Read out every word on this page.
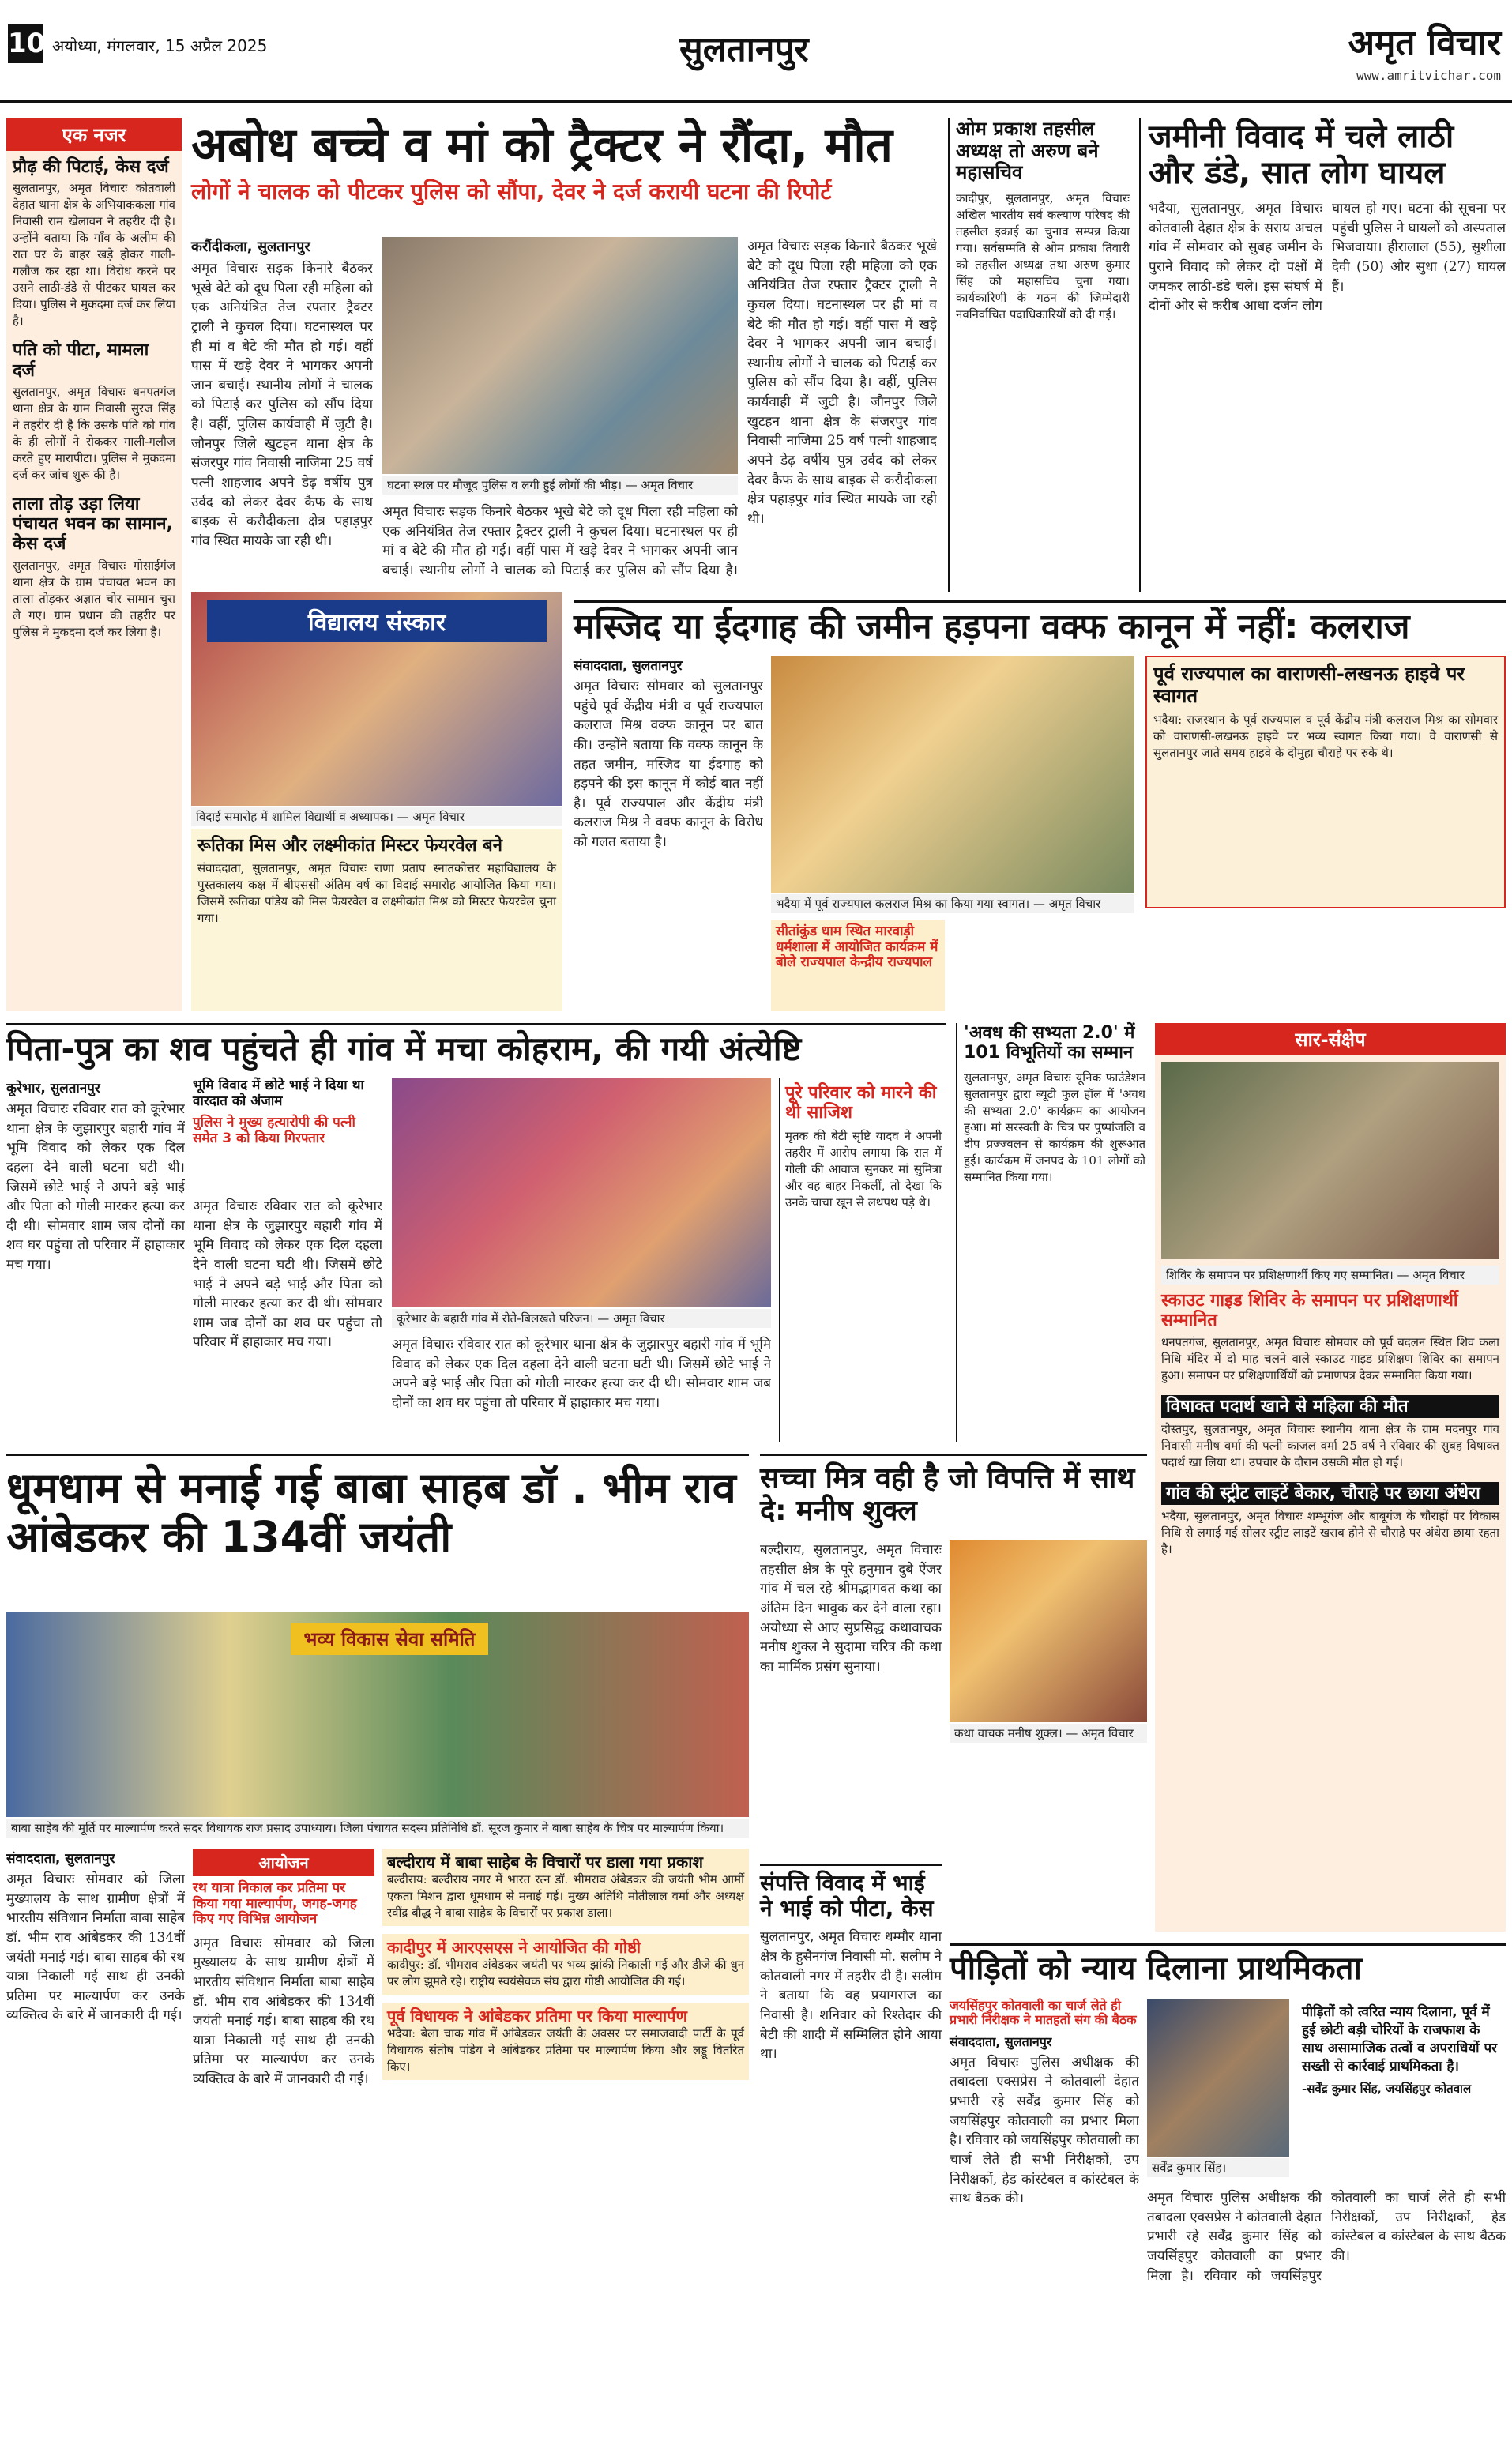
10 अयोध्या, मंगलवार, 15 अप्रैल 2025	सुलतानपुर	अमृत विचार
www.amritvichar.com
एक नजर
प्रौढ़ की पिटाई, केस दर्ज
सुलतानपुर, अमृत विचारः कोतवाली देहात थाना क्षेत्र के अभियाककला गांव निवासी राम खेलावन ने तहरीर दी है। उन्होंने बताया कि गाँव के अलीम की रात घर के बाहर खड़े होकर गाली-गलौज कर रहा था। विरोध करने पर उसने लाठी-डंडे से पीटकर घायल कर दिया। पुलिस ने मुकदमा दर्ज कर लिया है।
पति को पीटा, मामला दर्ज
सुलतानपुर, अमृत विचारः धनपतगंज थाना क्षेत्र के ग्राम निवासी सुरज सिंह ने तहरीर दी है कि उसके पति को गांव के ही लोगों ने रोककर गाली-गलौज करते हुए मारापीटा। पुलिस ने मुकदमा दर्ज कर जांच शुरू की है।
ताला तोड़ उड़ा लिया पंचायत भवन का सामान, केस दर्ज
सुलतानपुर, अमृत विचारः गोसाईगंज थाना क्षेत्र के ग्राम पंचायत भवन का ताला तोड़कर अज्ञात चोर सामान चुरा ले गए। ग्राम प्रधान की तहरीर पर पुलिस ने मुकदमा दर्ज कर लिया है।
अबोध बच्चे व मां को ट्रैक्टर ने रौंदा, मौत
लोगों ने चालक को पीटकर पुलिस को सौंपा, देवर ने दर्ज करायी घटना की रिपोर्ट
करौंदीकला, सुलतानपुर
अमृत विचारः सड़क किनारे बैठकर भूखे बेटे को दूध पिला रही महिला को एक अनियंत्रित तेज रफ्तार ट्रैक्टर ट्राली ने कुचल दिया। घटनास्थल पर ही मां व बेटे की मौत हो गई। वहीं पास में खड़े देवर ने भागकर अपनी जान बचाई। स्थानीय लोगों ने चालक को पिटाई कर पुलिस को सौंप दिया है। वहीं, पुलिस कार्यवाही में जुटी है। जौनपुर जिले खुटहन थाना क्षेत्र के संजरपुर गांव निवासी नाजिमा 25 वर्ष पत्नी शाहजाद अपने डेढ़ वर्षीय पुत्र उर्वद को लेकर देवर कैफ के साथ बाइक से करौदीकला क्षेत्र पहाड़पुर गांव स्थित मायके जा रही थी।
घटना स्थल पर मौजूद पुलिस व लगी हुई लोगों की भीड़। — अमृत विचार
अमृत विचारः सड़क किनारे बैठकर भूखे बेटे को दूध पिला रही महिला को एक अनियंत्रित तेज रफ्तार ट्रैक्टर ट्राली ने कुचल दिया। घटनास्थल पर ही मां व बेटे की मौत हो गई। वहीं पास में खड़े देवर ने भागकर अपनी जान बचाई। स्थानीय लोगों ने चालक को पिटाई कर पुलिस को सौंप दिया है।
अमृत विचारः सड़क किनारे बैठकर भूखे बेटे को दूध पिला रही महिला को एक अनियंत्रित तेज रफ्तार ट्रैक्टर ट्राली ने कुचल दिया। घटनास्थल पर ही मां व बेटे की मौत हो गई। वहीं पास में खड़े देवर ने भागकर अपनी जान बचाई। स्थानीय लोगों ने चालक को पिटाई कर पुलिस को सौंप दिया है। वहीं, पुलिस कार्यवाही में जुटी है। जौनपुर जिले खुटहन थाना क्षेत्र के संजरपुर गांव निवासी नाजिमा 25 वर्ष पत्नी शाहजाद अपने डेढ़ वर्षीय पुत्र उर्वद को लेकर देवर कैफ के साथ बाइक से करौदीकला क्षेत्र पहाड़पुर गांव स्थित मायके जा रही थी।
ओम प्रकाश तहसील अध्यक्ष तो अरुण बने महासचिव
कादीपुर, सुलतानपुर, अमृत विचारः अखिल भारतीय सर्व कल्याण परिषद की तहसील इकाई का चुनाव सम्पन्न किया गया। सर्वसम्मति से ओम प्रकाश तिवारी को तहसील अध्यक्ष तथा अरुण कुमार सिंह को महासचिव चुना गया। कार्यकारिणी के गठन की जिम्मेदारी नवनिर्वाचित पदाधिकारियों को दी गई।
जमीनी विवाद में चले लाठी और डंडे, सात लोग घायल
भदैया, सुलतानपुर, अमृत विचारः कोतवाली देहात क्षेत्र के सराय अचल गांव में सोमवार को सुबह जमीन के पुराने विवाद को लेकर दो पक्षों में जमकर लाठी-डंडे चले। इस संघर्ष में दोनों ओर से करीब आधा दर्जन लोग घायल हो गए। घटना की सूचना पर पहुंची पुलिस ने घायलों को अस्पताल भिजवाया। हीरालाल (55), सुशीला देवी (50) और सुधा (27) घायल हैं।
विद्यालय संस्कार
विदाई समारोह में शामिल विद्यार्थी व अध्यापक। — अमृत विचार
रूतिका मिस और लक्ष्मीकांत मिस्टर फेयरवेल बने
संवाददाता, सुलतानपुर, अमृत विचारः राणा प्रताप स्नातकोत्तर महाविद्यालय के पुस्तकालय कक्ष में बीएससी अंतिम वर्ष का विदाई समारोह आयोजित किया गया। जिसमें रूतिका पांडेय को मिस फेयरवेल व लक्ष्मीकांत मिश्र को मिस्टर फेयरवेल चुना गया।
मस्जिद या ईदगाह की जमीन हड़पना वक्फ कानून में नहीं: कलराज
संवाददाता, सुलतानपुर
अमृत विचारः सोमवार को सुलतानपुर पहुंचे पूर्व केंद्रीय मंत्री व पूर्व राज्यपाल कलराज मिश्र वक्फ कानून पर बात की। उन्होंने बताया कि वक्फ कानून के तहत जमीन, मस्जिद या ईदगाह को हड़पने की इस कानून में कोई बात नहीं है। पूर्व राज्यपाल और केंद्रीय मंत्री कलराज मिश्र ने वक्फ कानून के विरोध को गलत बताया है।
भदैया में पूर्व राज्यपाल कलराज मिश्र का किया गया स्वागत। — अमृत विचार
सीतांकुंड धाम स्थित मारवाड़ी धर्मशाला में आयोजित कार्यक्रम में बोले राज्यपाल केन्द्रीय राज्यपाल
पूर्व राज्यपाल का वाराणसी-लखनऊ हाइवे पर स्वागत
भदैया: राजस्थान के पूर्व राज्यपाल व पूर्व केंद्रीय मंत्री कलराज मिश्र का सोमवार को वाराणसी-लखनऊ हाइवे पर भव्य स्वागत किया गया। वे वाराणसी से सुलतानपुर जाते समय हाइवे के दोमुहा चौराहे पर रुके थे।
पिता-पुत्र का शव पहुंचते ही गांव में मचा कोहराम, की गयी अंत्येष्टि
कूरेभार, सुलतानपुर
अमृत विचारः रविवार रात को कूरेभार थाना क्षेत्र के जुझारपुर बहारी गांव में भूमि विवाद को लेकर एक दिल दहला देने वाली घटना घटी थी। जिसमें छोटे भाई ने अपने बड़े भाई और पिता को गोली मारकर हत्या कर दी थी। सोमवार शाम जब दोनों का शव घर पहुंचा तो परिवार में हाहाकार मच गया।
भूमि विवाद में छोटे भाई ने दिया था वारदात को अंजाम
पुलिस ने मुख्य हत्यारोपी की पत्नी समेत 3 को किया गिरफ्तार
अमृत विचारः रविवार रात को कूरेभार थाना क्षेत्र के जुझारपुर बहारी गांव में भूमि विवाद को लेकर एक दिल दहला देने वाली घटना घटी थी। जिसमें छोटे भाई ने अपने बड़े भाई और पिता को गोली मारकर हत्या कर दी थी। सोमवार शाम जब दोनों का शव घर पहुंचा तो परिवार में हाहाकार मच गया।
कूरेभार के बहारी गांव में रोते-बिलखते परिजन। — अमृत विचार
अमृत विचारः रविवार रात को कूरेभार थाना क्षेत्र के जुझारपुर बहारी गांव में भूमि विवाद को लेकर एक दिल दहला देने वाली घटना घटी थी। जिसमें छोटे भाई ने अपने बड़े भाई और पिता को गोली मारकर हत्या कर दी थी। सोमवार शाम जब दोनों का शव घर पहुंचा तो परिवार में हाहाकार मच गया।
पूरे परिवार को मारने की थी साजिश
मृतक की बेटी सृष्टि यादव ने अपनी तहरीर में आरोप लगाया कि रात में गोली की आवाज सुनकर मां सुमित्रा और वह बाहर निकलीं, तो देखा कि उनके चाचा खून से लथपथ पड़े थे।
'अवध की सभ्यता 2.0' में 101 विभूतियों का सम्मान
सुलतानपुर, अमृत विचारः यूनिक फाउंडेशन सुलतानपुर द्वारा ब्यूटी फुल हॉल में 'अवध की सभ्यता 2.0' कार्यक्रम का आयोजन हुआ। मां सरस्वती के चित्र पर पुष्पांजलि व दीप प्रज्ज्वलन से कार्यक्रम की शुरूआत हुई। कार्यक्रम में जनपद के 101 लोगों को सम्मानित किया गया।
सार-संक्षेप
शिविर के समापन पर प्रशिक्षणार्थी किए गए सम्मानित। — अमृत विचार
स्काउट गाइड शिविर के समापन पर प्रशिक्षणार्थी सम्मानित
धनपतगंज, सुलतानपुर, अमृत विचारः सोमवार को पूर्व बदलन स्थित शिव कला निधि मंदिर में दो माह चलने वाले स्काउट गाइड प्रशिक्षण शिविर का समापन हुआ। समापन पर प्रशिक्षणार्थियों को प्रमाणपत्र देकर सम्मानित किया गया।
विषाक्त पदार्थ खाने से महिला की मौत
दोस्तपुर, सुलतानपुर, अमृत विचारः स्थानीय थाना क्षेत्र के ग्राम मदनपुर गांव निवासी मनीष वर्मा की पत्नी काजल वर्मा 25 वर्ष ने रविवार की सुबह विषाक्त पदार्थ खा लिया था। उपचार के दौरान उसकी मौत हो गई।
गांव की स्ट्रीट लाइटें बेकार, चौराहे पर छाया अंधेरा
भदैया, सुलतानपुर, अमृत विचारः शम्भूगंज और बाबूगंज के चौराहों पर विकास निधि से लगाई गई सोलर स्ट्रीट लाइटें खराब होने से चौराहे पर अंधेरा छाया रहता है।
धूमधाम से मनाई गई बाबा साहब डॉ . भीम राव आंबेडकर की 134वीं जयंती
भव्य विकास सेवा समिति
बाबा साहेब की मूर्ति पर माल्यार्पण करते सदर विधायक राज प्रसाद उपाध्याय। जिला पंचायत सदस्य प्रतिनिधि डॉ. सूरज कुमार ने बाबा साहेब के चित्र पर माल्यार्पण किया।
संवाददाता, सुलतानपुर
अमृत विचारः सोमवार को जिला मुख्यालय के साथ ग्रामीण क्षेत्रों में भारतीय संविधान निर्माता बाबा साहेब डॉ. भीम राव आंबेडकर की 134वीं जयंती मनाई गई। बाबा साहब की रथ यात्रा निकाली गई साथ ही उनकी प्रतिमा पर माल्यार्पण कर उनके व्यक्तित्व के बारे में जानकारी दी गई।
आयोजन
रथ यात्रा निकाल कर प्रतिमा पर किया गया माल्यार्पण, जगह-जगह किए गए विभिन्न आयोजन
अमृत विचारः सोमवार को जिला मुख्यालय के साथ ग्रामीण क्षेत्रों में भारतीय संविधान निर्माता बाबा साहेब डॉ. भीम राव आंबेडकर की 134वीं जयंती मनाई गई। बाबा साहब की रथ यात्रा निकाली गई साथ ही उनकी प्रतिमा पर माल्यार्पण कर उनके व्यक्तित्व के बारे में जानकारी दी गई।
बल्दीराय में बाबा साहेब के विचारों पर डाला गया प्रकाश
बल्दीराय: बल्दीराय नगर में भारत रत्न डॉ. भीमराव अंबेडकर की जयंती भीम आर्मी एकता मिशन द्वारा धूमधाम से मनाई गई। मुख्य अतिथि मोतीलाल वर्मा और अध्यक्ष रवींद्र बौद्ध ने बाबा साहेब के विचारों पर प्रकाश डाला।
कादीपुर में आरएसएस ने आयोजित की गोष्ठी
कादीपुर: डॉ. भीमराव अंबेडकर जयंती पर भव्य झांकी निकाली गई और डीजे की धुन पर लोग झूमते रहे। राष्ट्रीय स्वयंसेवक संघ द्वारा गोष्ठी आयोजित की गई।
पूर्व विधायक ने आंबेडकर प्रतिमा पर किया माल्यार्पण
भदैया: बेला चाक गांव में आंबेडकर जयंती के अवसर पर समाजवादी पार्टी के पूर्व विधायक संतोष पांडेय ने आंबेडकर प्रतिमा पर माल्यार्पण किया और लड्डू वितरित किए।
सच्चा मित्र वही है जो विपत्ति में साथ दे: मनीष शुक्ल
बल्दीराय, सुलतानपुर, अमृत विचारः तहसील क्षेत्र के पूरे हनुमान दुबे ऐंजर गांव में चल रहे श्रीमद्भागवत कथा का अंतिम दिन भावुक कर देने वाला रहा। अयोध्या से आए सुप्रसिद्ध कथावाचक मनीष शुक्ल ने सुदामा चरित्र की कथा का मार्मिक प्रसंग सुनाया।
कथा वाचक मनीष शुक्ल। — अमृत विचार
संपत्ति विवाद में भाई ने भाई को पीटा, केस
सुलतानपुर, अमृत विचारः धम्मौर थाना क्षेत्र के हुसैनगंज निवासी मो. सलीम ने कोतवाली नगर में तहरीर दी है। सलीम ने बताया कि वह प्रयागराज का निवासी है। शनिवार को रिश्तेदार की बेटी की शादी में सम्मिलित होने आया था।
पीड़ितों को न्याय दिलाना प्राथमिकता
जयसिंहपुर कोतवाली का चार्ज लेते ही प्रभारी निरीक्षक ने मातहतों संग की बैठक
संवाददाता, सुलतानपुर
अमृत विचारः पुलिस अधीक्षक की तबादला एक्सप्रेस ने कोतवाली देहात प्रभारी रहे सर्वेंद्र कुमार सिंह को जयसिंहपुर कोतवाली का प्रभार मिला है। रविवार को जयसिंहपुर कोतवाली का चार्ज लेते ही सभी निरीक्षकों, उप निरीक्षकों, हेड कांस्टेबल व कांस्टेबल के साथ बैठक की।
सर्वेंद्र कुमार सिंह।
पीड़ितों को त्वरित न्याय दिलाना, पूर्व में हुई छोटी बड़ी चोरियों के राजफाश के साथ असामाजिक तत्वों व अपराधियों पर सख्ती से कार्रवाई प्राथमिकता है।
-सर्वेंद्र कुमार सिंह, जयसिंहपुर कोतवाल
अमृत विचारः पुलिस अधीक्षक की तबादला एक्सप्रेस ने कोतवाली देहात प्रभारी रहे सर्वेंद्र कुमार सिंह को जयसिंहपुर कोतवाली का प्रभार मिला है। रविवार को जयसिंहपुर कोतवाली का चार्ज लेते ही सभी निरीक्षकों, उप निरीक्षकों, हेड कांस्टेबल व कांस्टेबल के साथ बैठक की।
